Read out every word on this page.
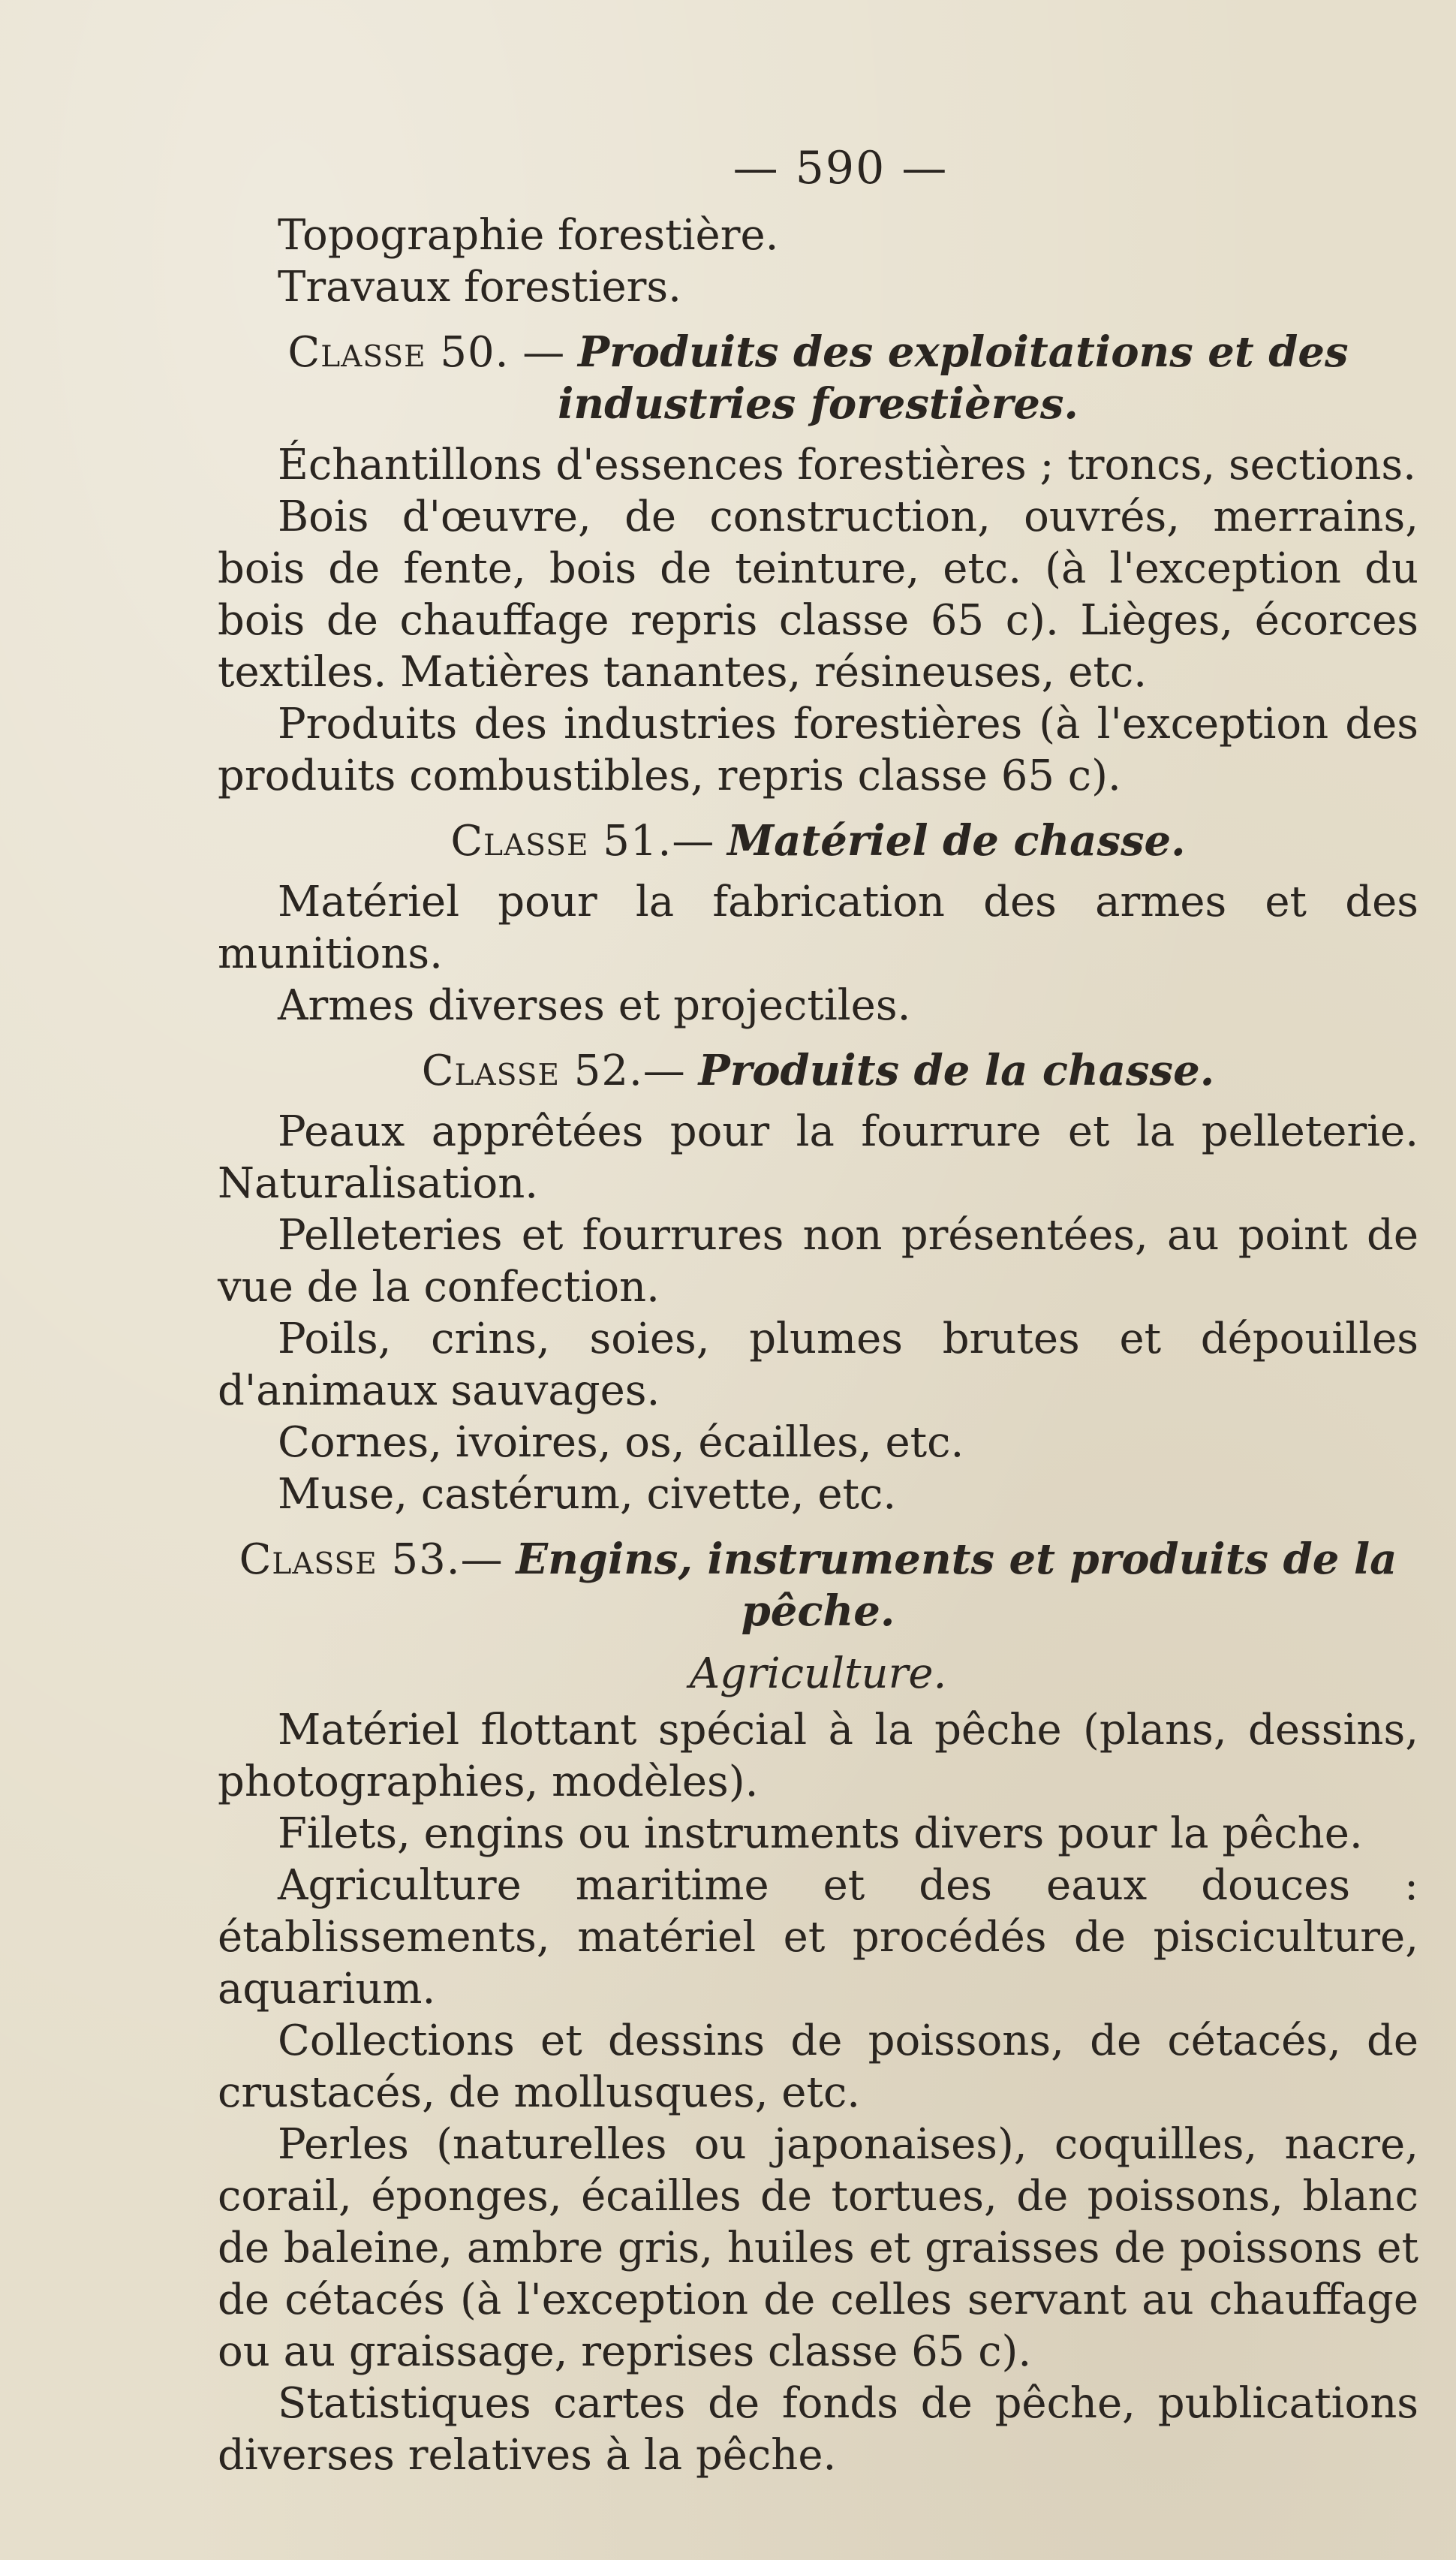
— 590 —

Topographie forestière.

Travaux forestiers.

Classe 50. — Produits des exploitations et des industries forestières.

Échantillons d'essences forestières ; troncs, sections.

Bois d'œuvre, de construction, ouvrés, merrains, bois de fente, bois de teinture, etc. (à l'exception du bois de chauffage repris classe 65 c). Lièges, écorces textiles. Matières tanantes, résineuses, etc.

Produits des industries forestières (à l'exception des produits combustibles, repris classe 65 c).

Classe 51.— Matériel de chasse.

Matériel pour la fabrication des armes et des munitions.

Armes diverses et projectiles.

Classe 52.— Produits de la chasse.

Peaux apprêtées pour la fourrure et la pelleterie. Naturalisation.

Pelleteries et fourrures non présentées, au point de vue de la confection.

Poils, crins, soies, plumes brutes et dépouilles d'animaux sauvages.

Cornes, ivoires, os, écailles, etc.

Muse, castérum, civette, etc.

Classe 53.— Engins, instruments et produits de la pêche.
Agriculture.

Matériel flottant spécial à la pêche (plans, dessins, photographies, modèles).

Filets, engins ou instruments divers pour la pêche.

Agriculture maritime et des eaux douces : établissements, matériel et procédés de pisciculture, aquarium.

Collections et dessins de poissons, de cétacés, de crustacés, de mollusques, etc.

Perles (naturelles ou japonaises), coquilles, nacre, corail, éponges, écailles de tortues, de poissons, blanc de baleine, ambre gris, huiles et graisses de poissons et de cétacés (à l'exception de celles servant au chauffage ou au graissage, reprises classe 65 c).

Statistiques cartes de fonds de pêche, publications diverses relatives à la pêche.
